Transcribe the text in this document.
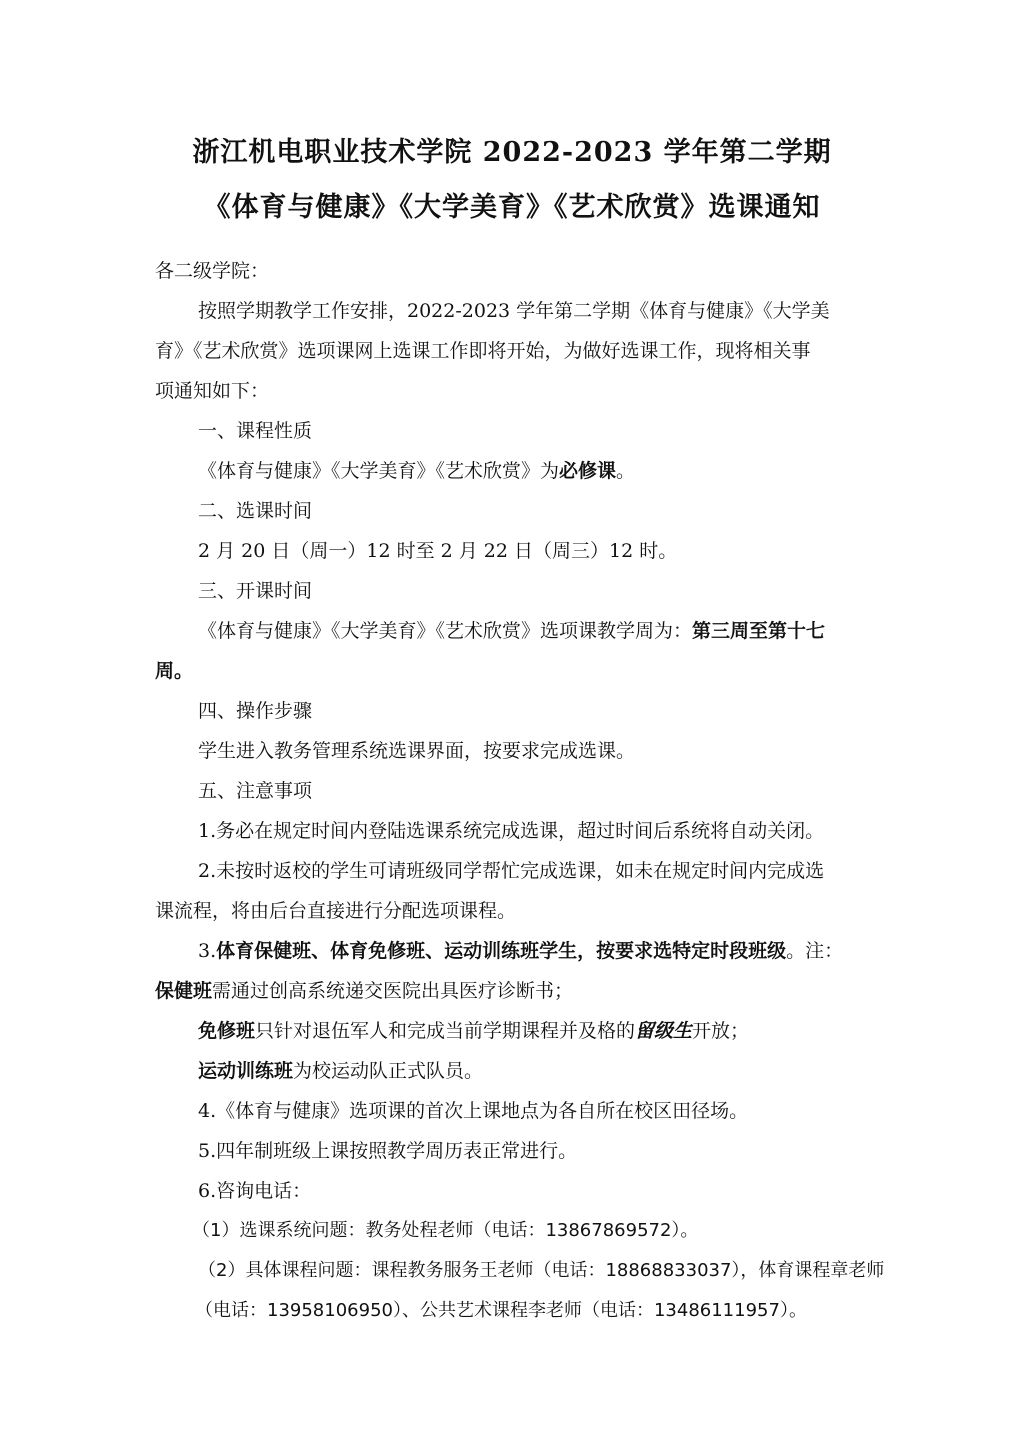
浙江机电职业技术学院 2022-2023 学年第二学期
《体育与健康》《大学美育》《艺术欣赏》选课通知
各二级学院：
按照学期教学工作安排，2022-2023 学年第二学期《体育与健康》《大学美
育》《艺术欣赏》选项课网上选课工作即将开始，为做好选课工作，现将相关事
项通知如下：
一、课程性质
《体育与健康》《大学美育》《艺术欣赏》为必修课。
二、选课时间
2 月 20 日（周一）12 时至 2 月 22 日（周三）12 时。
三、开课时间
《体育与健康》《大学美育》《艺术欣赏》选项课教学周为：第三周至第十七
周。
四、操作步骤
学生进入教务管理系统选课界面，按要求完成选课。
五、注意事项
1.务必在规定时间内登陆选课系统完成选课，超过时间后系统将自动关闭。
2.未按时返校的学生可请班级同学帮忙完成选课，如未在规定时间内完成选
课流程，将由后台直接进行分配选项课程。
3.体育保健班、体育免修班、运动训练班学生，按要求选特定时段班级。注：
保健班需通过创高系统递交医院出具医疗诊断书；
免修班只针对退伍军人和完成当前学期课程并及格的留级生开放；
运动训练班为校运动队正式队员。
4.《体育与健康》选项课的首次上课地点为各自所在校区田径场。
5.四年制班级上课按照教学周历表正常进行。
6.咨询电话：
（1）选课系统问题：教务处程老师（电话：13867869572）。
（2）具体课程问题：课程教务服务王老师（电话：18868833037），体育课程章老师
（电话：13958106950）、公共艺术课程李老师（电话：13486111957）。
